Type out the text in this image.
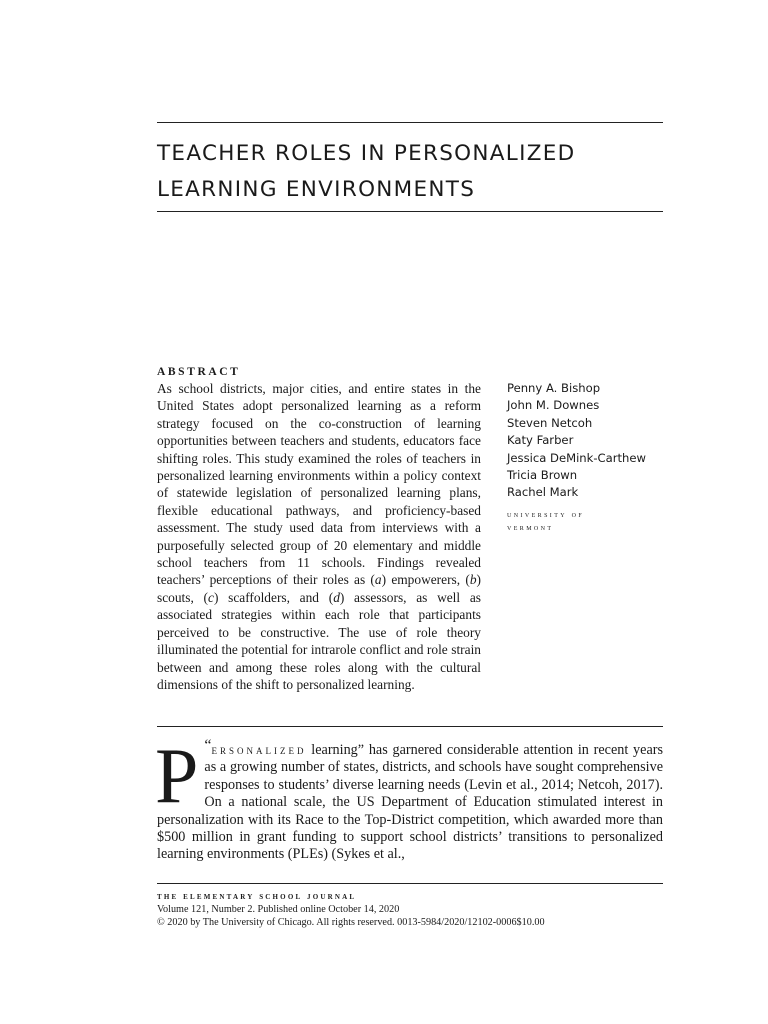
TEACHER ROLES IN PERSONALIZED
LEARNING ENVIRONMENTS
ABSTRACT

As school districts, major cities, and entire states in the United States adopt personalized learning as a reform strategy focused on the co-construction of learning opportunities between teachers and students, educators face shifting roles. This study examined the roles of teachers in personalized learning environments within a policy context of statewide legislation of personalized learning plans, flexible educational pathways, and proficiency-based assessment. The study used data from interviews with a purposefully selected group of 20 elementary and middle school teachers from 11 schools. Findings revealed teachers’ perceptions of their roles as (a) empowerers, (b) scouts, (c) scaffolders, and (d) assessors, as well as associated strategies within each role that participants perceived to be constructive. The use of role theory illuminated the potential for intrarole conflict and role strain between and among these roles along with the cultural dimensions of the shift to personalized learning.

Penny A. Bishop
John M. Downes
Steven Netcoh
Katy Farber
Jessica DeMink-Carthew
Tricia Brown
Rachel Mark
university of
vermont

“
P ersonalized learning” has garnered considerable attention in recent years as a growing number of states, districts, and schools have sought comprehensive responses to students’ diverse learning needs (Levin et al., 2014; Netcoh, 2017). On a national scale, the US Department of Education stimulated interest in personalization with its Race to the Top-District competition, which awarded more than $500 million in grant funding to support school districts’ transitions to personalized learning environments (PLEs) (Sykes et al.,

the elementary school journal
Volume 121, Number 2. Published online October 14, 2020
© 2020 by The University of Chicago. All rights reserved. 0013-5984/2020/12102-0006$10.00
